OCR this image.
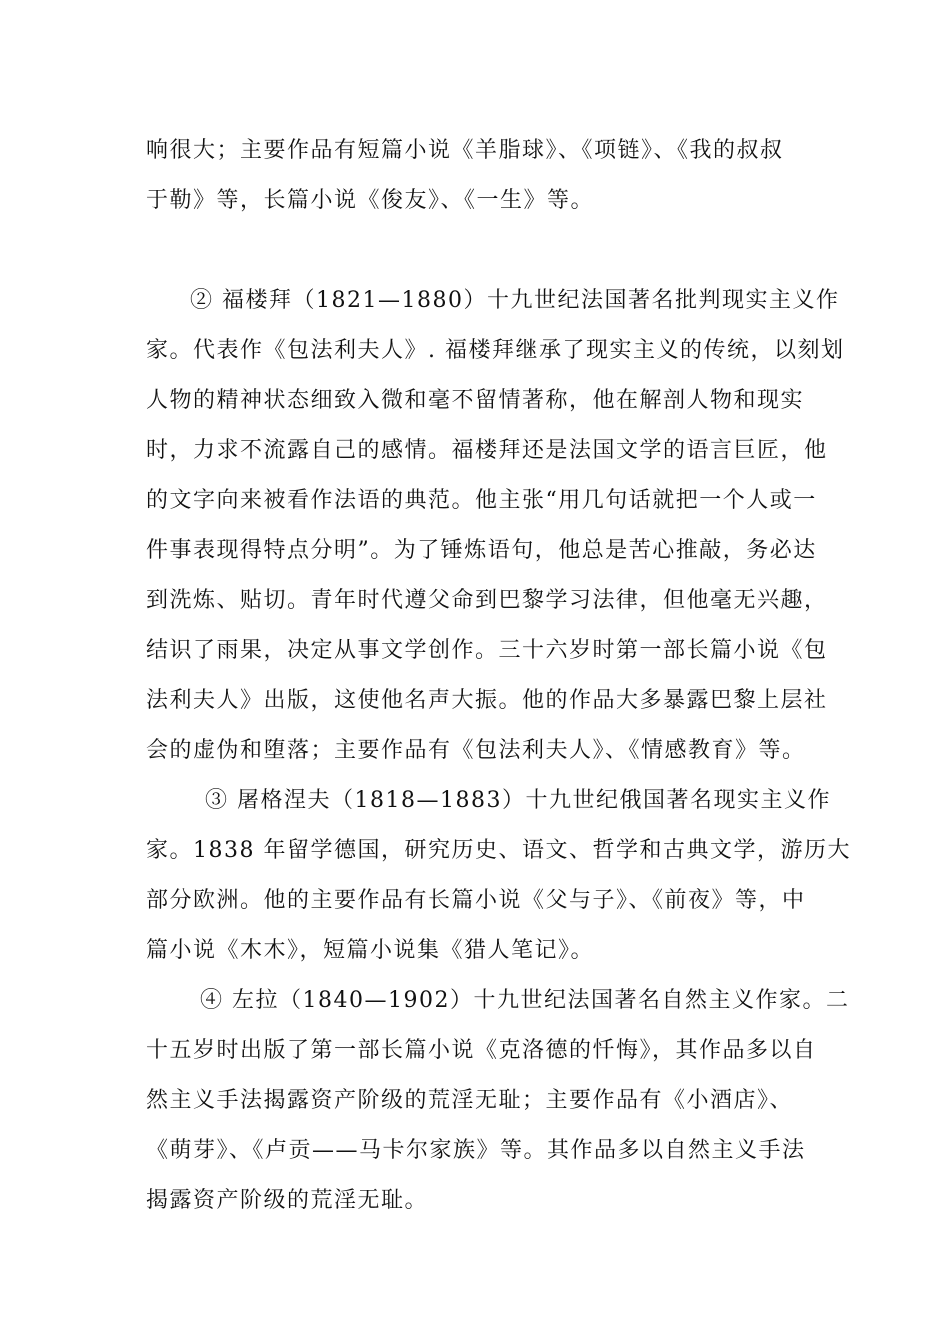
响很大；主要作品有短篇小说《羊脂球》、《项链》、《我的叔叔
于勒》等，长篇小说《俊友》、《一生》等。
② 福楼拜（1821—1880）十九世纪法国著名批判现实主义作
家。代表作《包法利夫人》. 福楼拜继承了现实主义的传统，以刻划
人物的精神状态细致入微和毫不留情著称，他在解剖人物和现实
时，力求不流露自己的感情。福楼拜还是法国文学的语言巨匠，他
的文字向来被看作法语的典范。他主张“用几句话就把一个人或一
件事表现得特点分明”。为了锤炼语句，他总是苦心推敲，务必达
到洗炼、贴切。青年时代遵父命到巴黎学习法律，但他毫无兴趣，
结识了雨果，决定从事文学创作。三十六岁时第一部长篇小说《包
法利夫人》出版，这使他名声大振。他的作品大多暴露巴黎上层社
会的虚伪和堕落；主要作品有《包法利夫人》、《情感教育》等。
③ 屠格涅夫（1818—1883）十九世纪俄国著名现实主义作
家。1838 年留学德国，研究历史、语文、哲学和古典文学，游历大
部分欧洲。他的主要作品有长篇小说《父与子》、《前夜》等，中
篇小说《木木》，短篇小说集《猎人笔记》。
④ 左拉（1840—1902）十九世纪法国著名自然主义作家。二
十五岁时出版了第一部长篇小说《克洛德的忏悔》，其作品多以自
然主义手法揭露资产阶级的荒淫无耻；主要作品有《小酒店》、
《萌芽》、《卢贡——马卡尔家族》等。其作品多以自然主义手法
揭露资产阶级的荒淫无耻。
